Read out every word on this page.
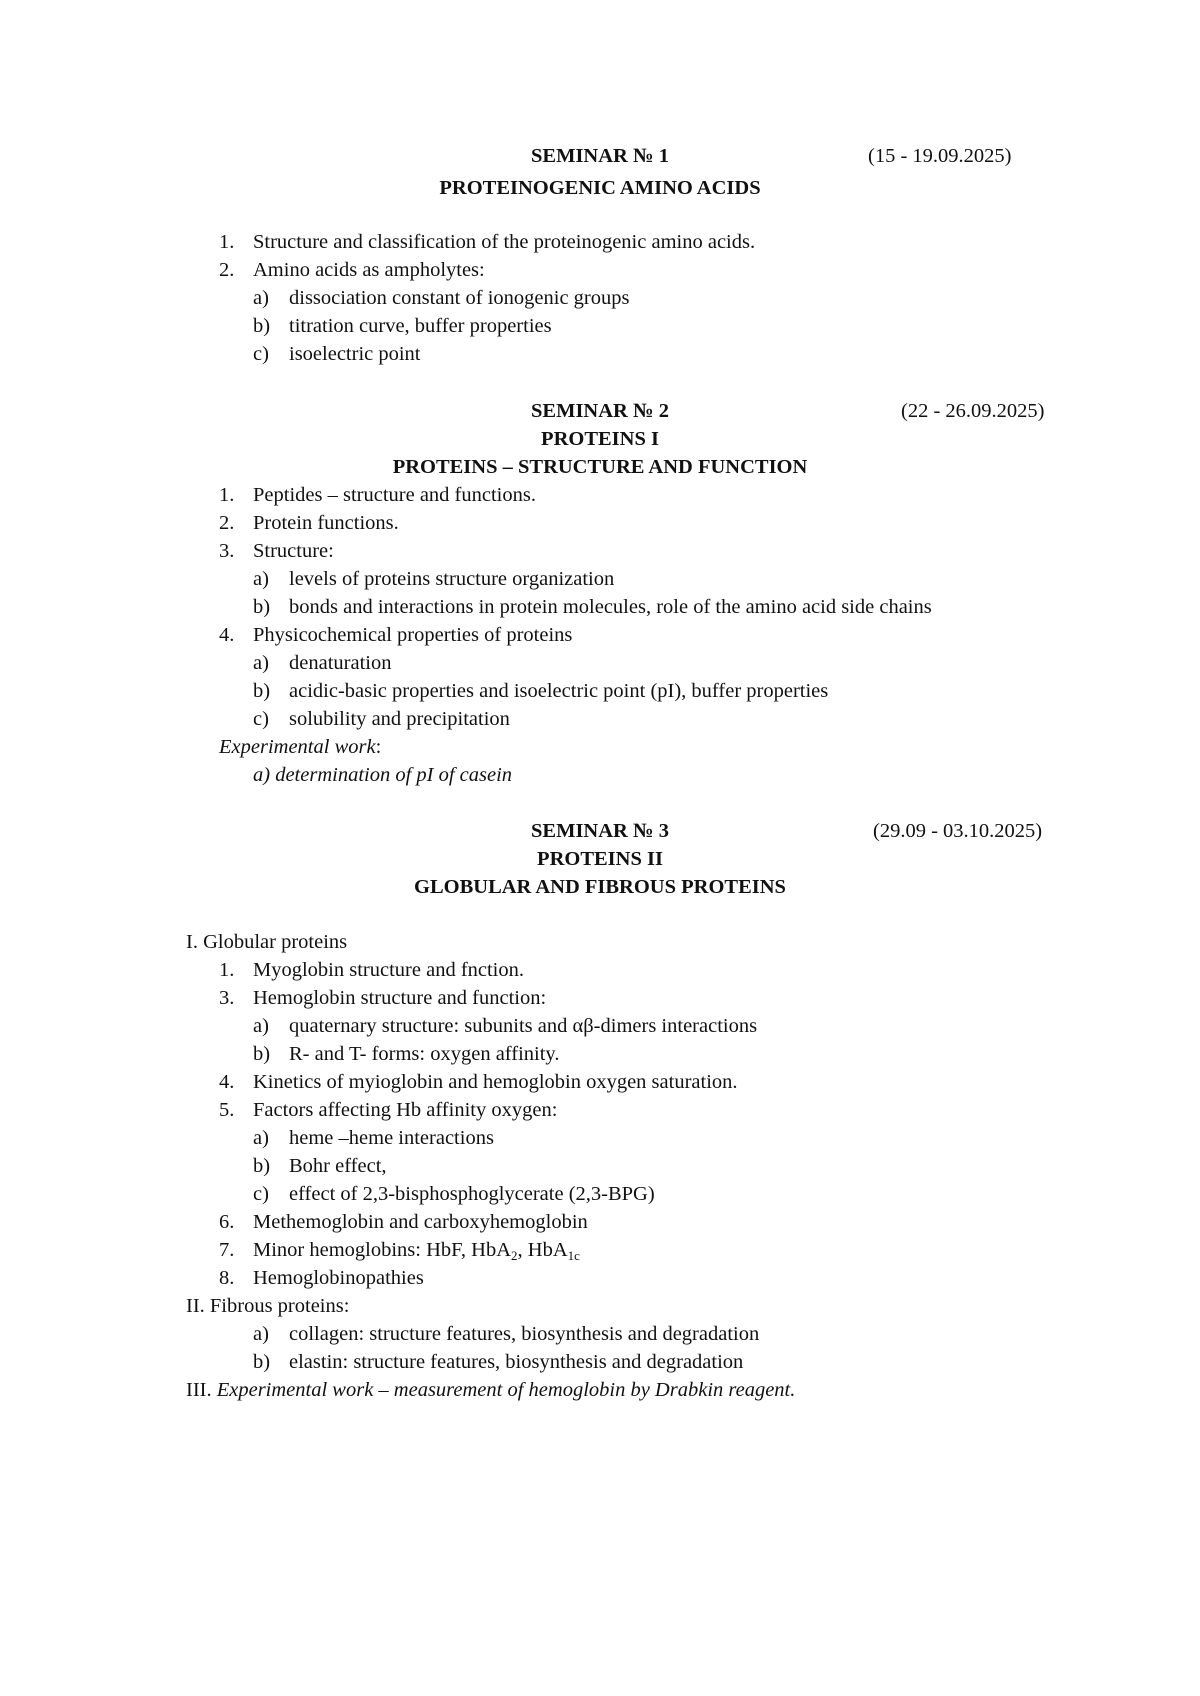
SEMINAR № 1	(15 - 19.09.2025)
PROTEINOGENIC AMINO ACIDS
1. Structure and classification of the proteinogenic amino acids.
2. Amino acids as ampholytes:
a) dissociation constant of ionogenic groups
b) titration curve, buffer properties
c) isoelectric point
SEMINAR № 2	(22 - 26.09.2025)
PROTEINS I
PROTEINS – STRUCTURE AND FUNCTION
1. Peptides – structure and functions.
2. Protein functions.
3. Structure:
a) levels of proteins structure organization
b) bonds and interactions in protein molecules, role of the amino acid side chains
4. Physicochemical properties of proteins
a) denaturation
b) acidic-basic properties and isoelectric point (pI), buffer properties
c) solubility and precipitation
Experimental work:
a) determination of pI of casein
SEMINAR № 3	(29.09 - 03.10.2025)
PROTEINS II
GLOBULAR AND FIBROUS PROTEINS
I. Globular proteins
1. Myoglobin structure and fnction.
3. Hemoglobin structure and function:
a) quaternary structure: subunits and αβ-dimers interactions
b) R- and T- forms: oxygen affinity.
4. Kinetics of myioglobin and hemoglobin oxygen saturation.
5. Factors affecting Hb affinity oxygen:
a) heme –heme interactions
b) Bohr effect,
c) effect of 2,3-bisphosphoglycerate (2,3-BPG)
6. Methemoglobin and carboxyhemoglobin
7. Minor hemoglobins: HbF, HbA$_2$, HbA$_{1c}$
8. Hemoglobinopathies
II. Fibrous proteins:
a) collagen: structure features, biosynthesis and degradation
b) elastin: structure features, biosynthesis and degradation
III. Experimental work – measurement of hemoglobin by Drabkin reagent.
